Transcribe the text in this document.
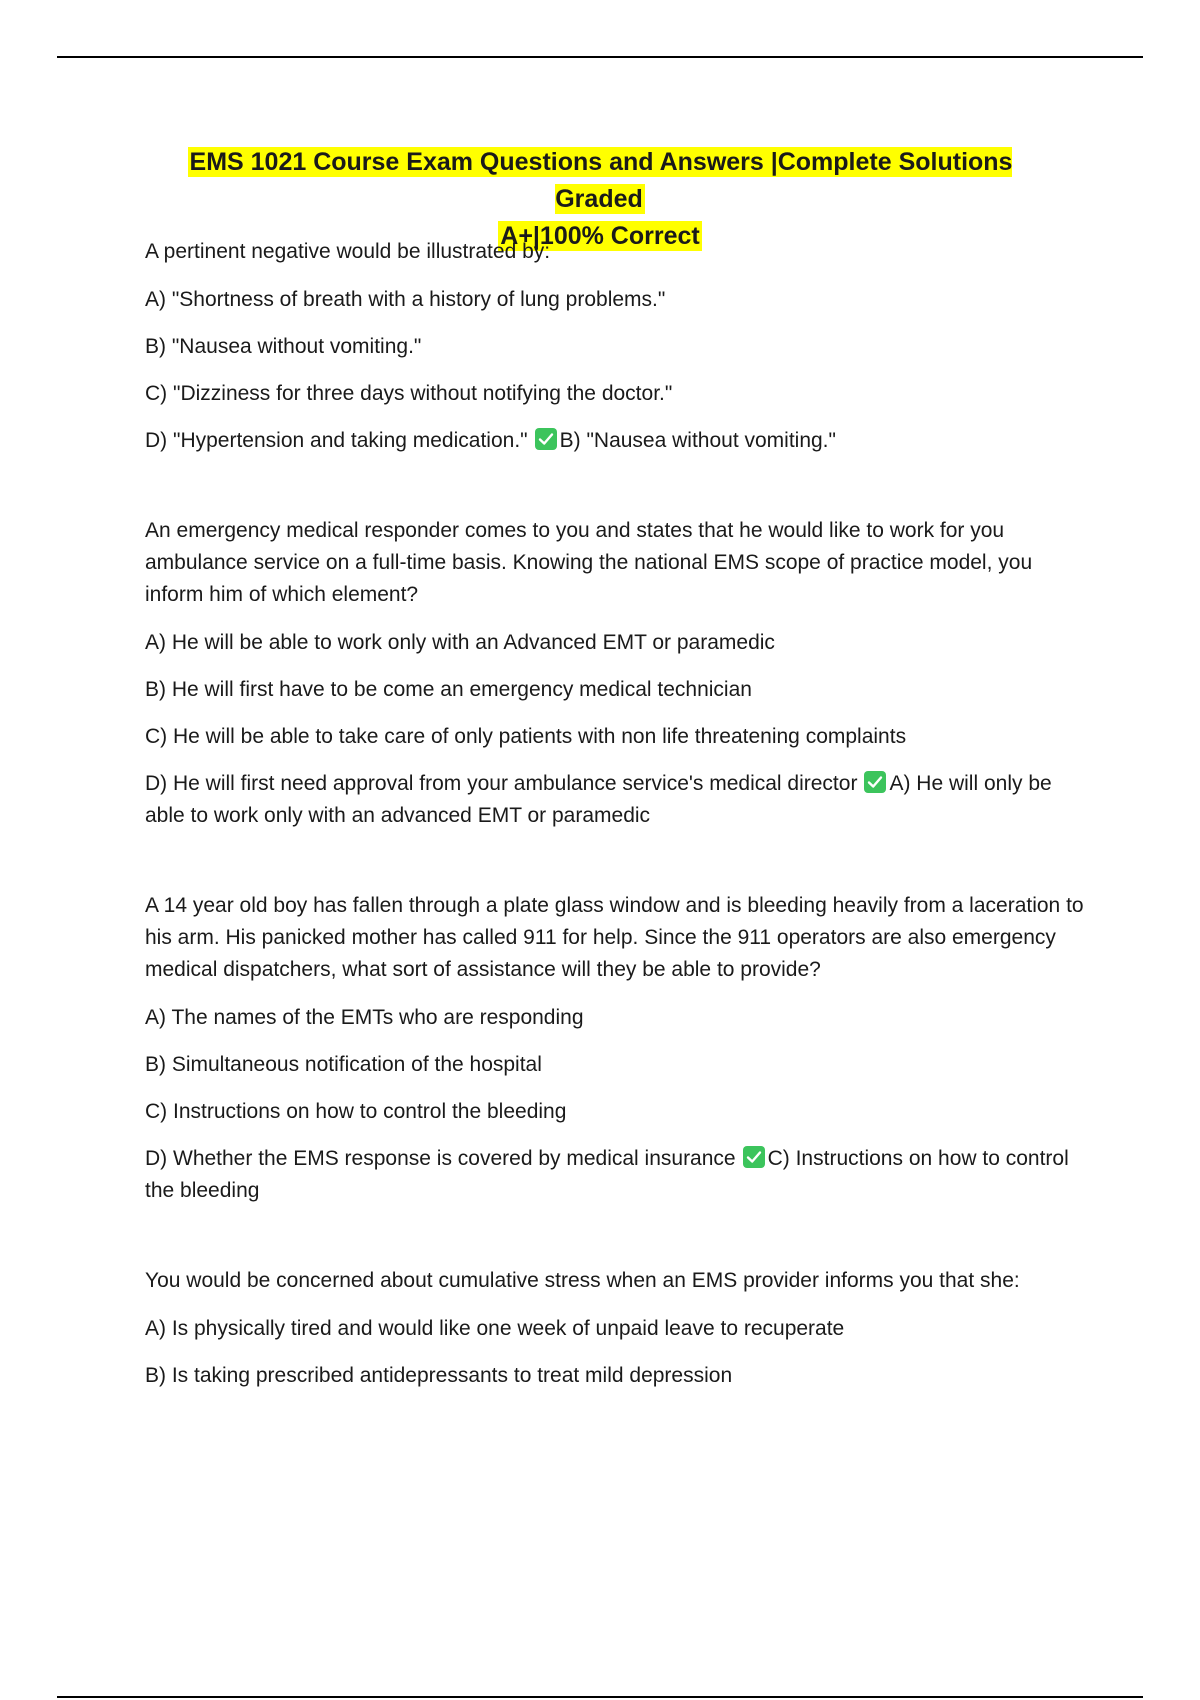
EMS 1021 Course Exam Questions and Answers |Complete Solutions Graded
A+|100% Correct

A pertinent negative would be illustrated by:

A) "Shortness of breath with a history of lung problems."

B) "Nausea without vomiting."

C) "Dizziness for three days without notifying the doctor."

D) "Hypertension and taking medication." B) "Nausea without vomiting."

An emergency medical responder comes to you and states that he would like to work for you ambulance service on a full-time basis. Knowing the national EMS scope of practice model, you inform him of which element?

A) He will be able to work only with an Advanced EMT or paramedic

B) He will first have to be come an emergency medical technician

C) He will be able to take care of only patients with non life threatening complaints

D) He will first need approval from your ambulance service's medical director A) He will only be able to work only with an advanced EMT or paramedic

A 14 year old boy has fallen through a plate glass window and is bleeding heavily from a laceration to his arm. His panicked mother has called 911 for help. Since the 911 operators are also emergency medical dispatchers, what sort of assistance will they be able to provide?

A) The names of the EMTs who are responding

B) Simultaneous notification of the hospital

C) Instructions on how to control the bleeding

D) Whether the EMS response is covered by medical insurance C) Instructions on how to control the bleeding

You would be concerned about cumulative stress when an EMS provider informs you that she:

A) Is physically tired and would like one week of unpaid leave to recuperate

B) Is taking prescribed antidepressants to treat mild depression
